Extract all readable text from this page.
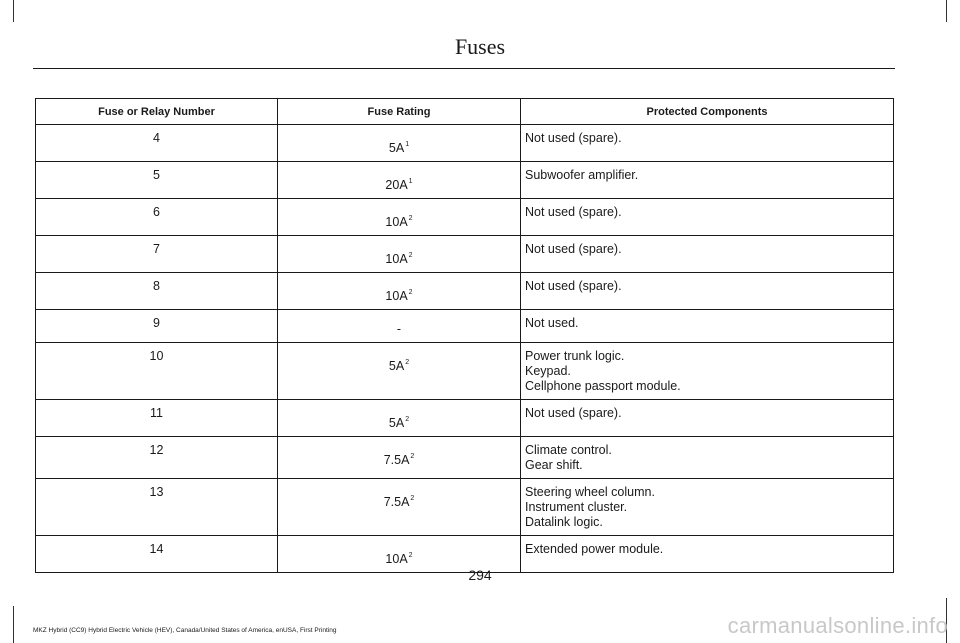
Fuses
Fuse or Relay Number	Fuse Rating	Protected Components
4	$5A^1$	Not used (spare).

5	$20A^1$	Subwoofer amplifier.

6	$10A^2$	Not used (spare).

7	$10A^2$	Not used (spare).

8	$10A^2$	Not used (spare).

9	-	Not used.

10	$5A^2$	Power trunk logic.
Keypad.
Cellphone passport module.

11	$5A^2$	Not used (spare).

12	$7.5A^2$	Climate control.
Gear shift.

13	$7.5A^2$	Steering wheel column.
Instrument cluster.
Datalink logic.

14	$10A^2$	Extended power module.
294
MKZ Hybrid (CC9) Hybrid Electric Vehicle (HEV), Canada/United States of America, enUSA, First Printing	carmanualsonline.info
